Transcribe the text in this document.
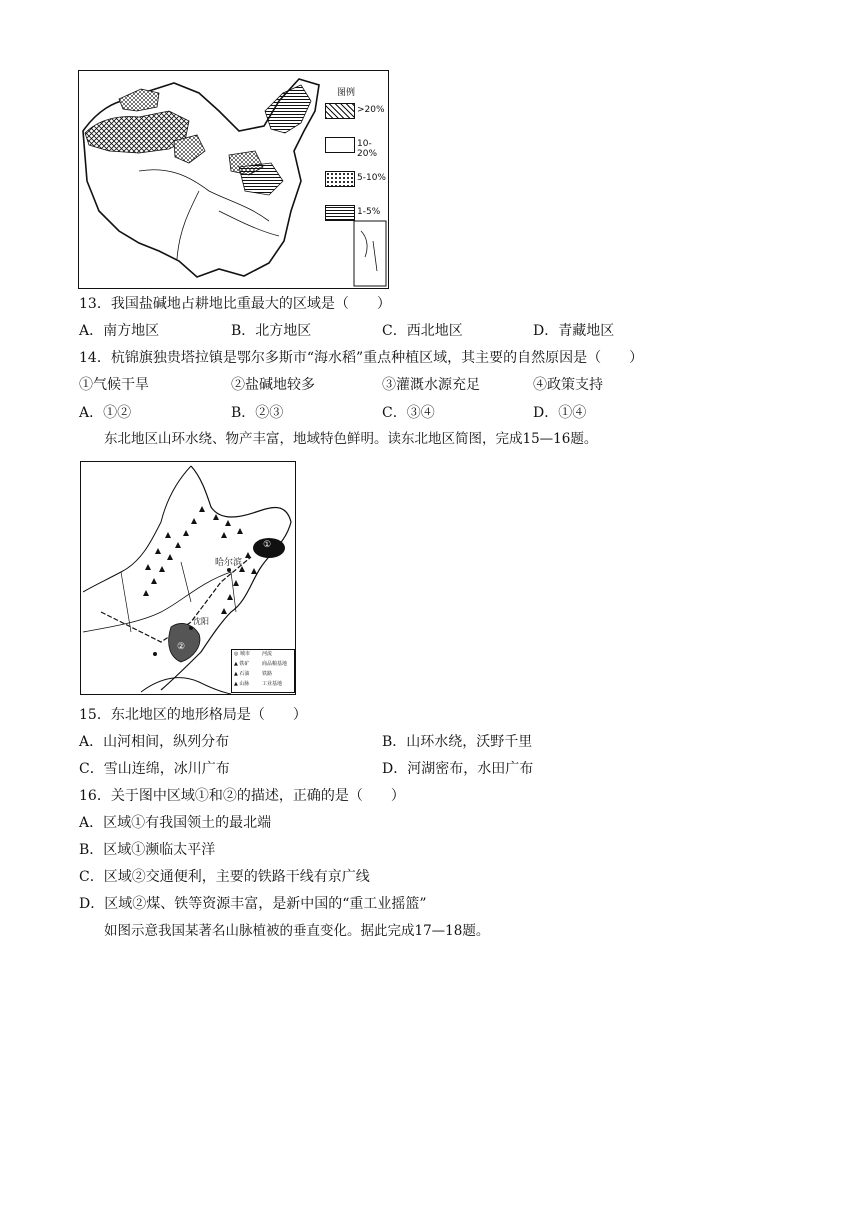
图例
>20%
10-20%
5-10%
1-5%
13．我国盐碱地占耕地比重最大的区域是（　　）
A．南方地区	B．北方地区	C．西北地区	D．青藏地区
14．杭锦旗独贵塔拉镇是鄂尔多斯市“海水稻”重点种植区域，其主要的自然原因是（　　）
①气候干旱	②盐碱地较多	③灌溉水源充足	④政策支持
A．①②	B．②③	C．③④	D．①④
东北地区山环水绕、物产丰富，地域特色鲜明。读东北地区简图，完成15—16题。
哈尔滨
沈阳
①
②
◎ 城市
▲ 铁矿
▲ 石油
▲ 山脉
河流
商品粮基地
铁路
工业基地
15．东北地区的地形格局是（　　）
A．山河相间，纵列分布	B．山环水绕，沃野千里
C．雪山连绵，冰川广布	D．河湖密布，水田广布
16．关于图中区域①和②的描述，正确的是（　　）
A．区域①有我国领土的最北端
B．区域①濒临太平洋
C．区域②交通便利，主要的铁路干线有京广线
D．区域②煤、铁等资源丰富，是新中国的“重工业摇篮”
如图示意我国某著名山脉植被的垂直变化。据此完成17—18题。
